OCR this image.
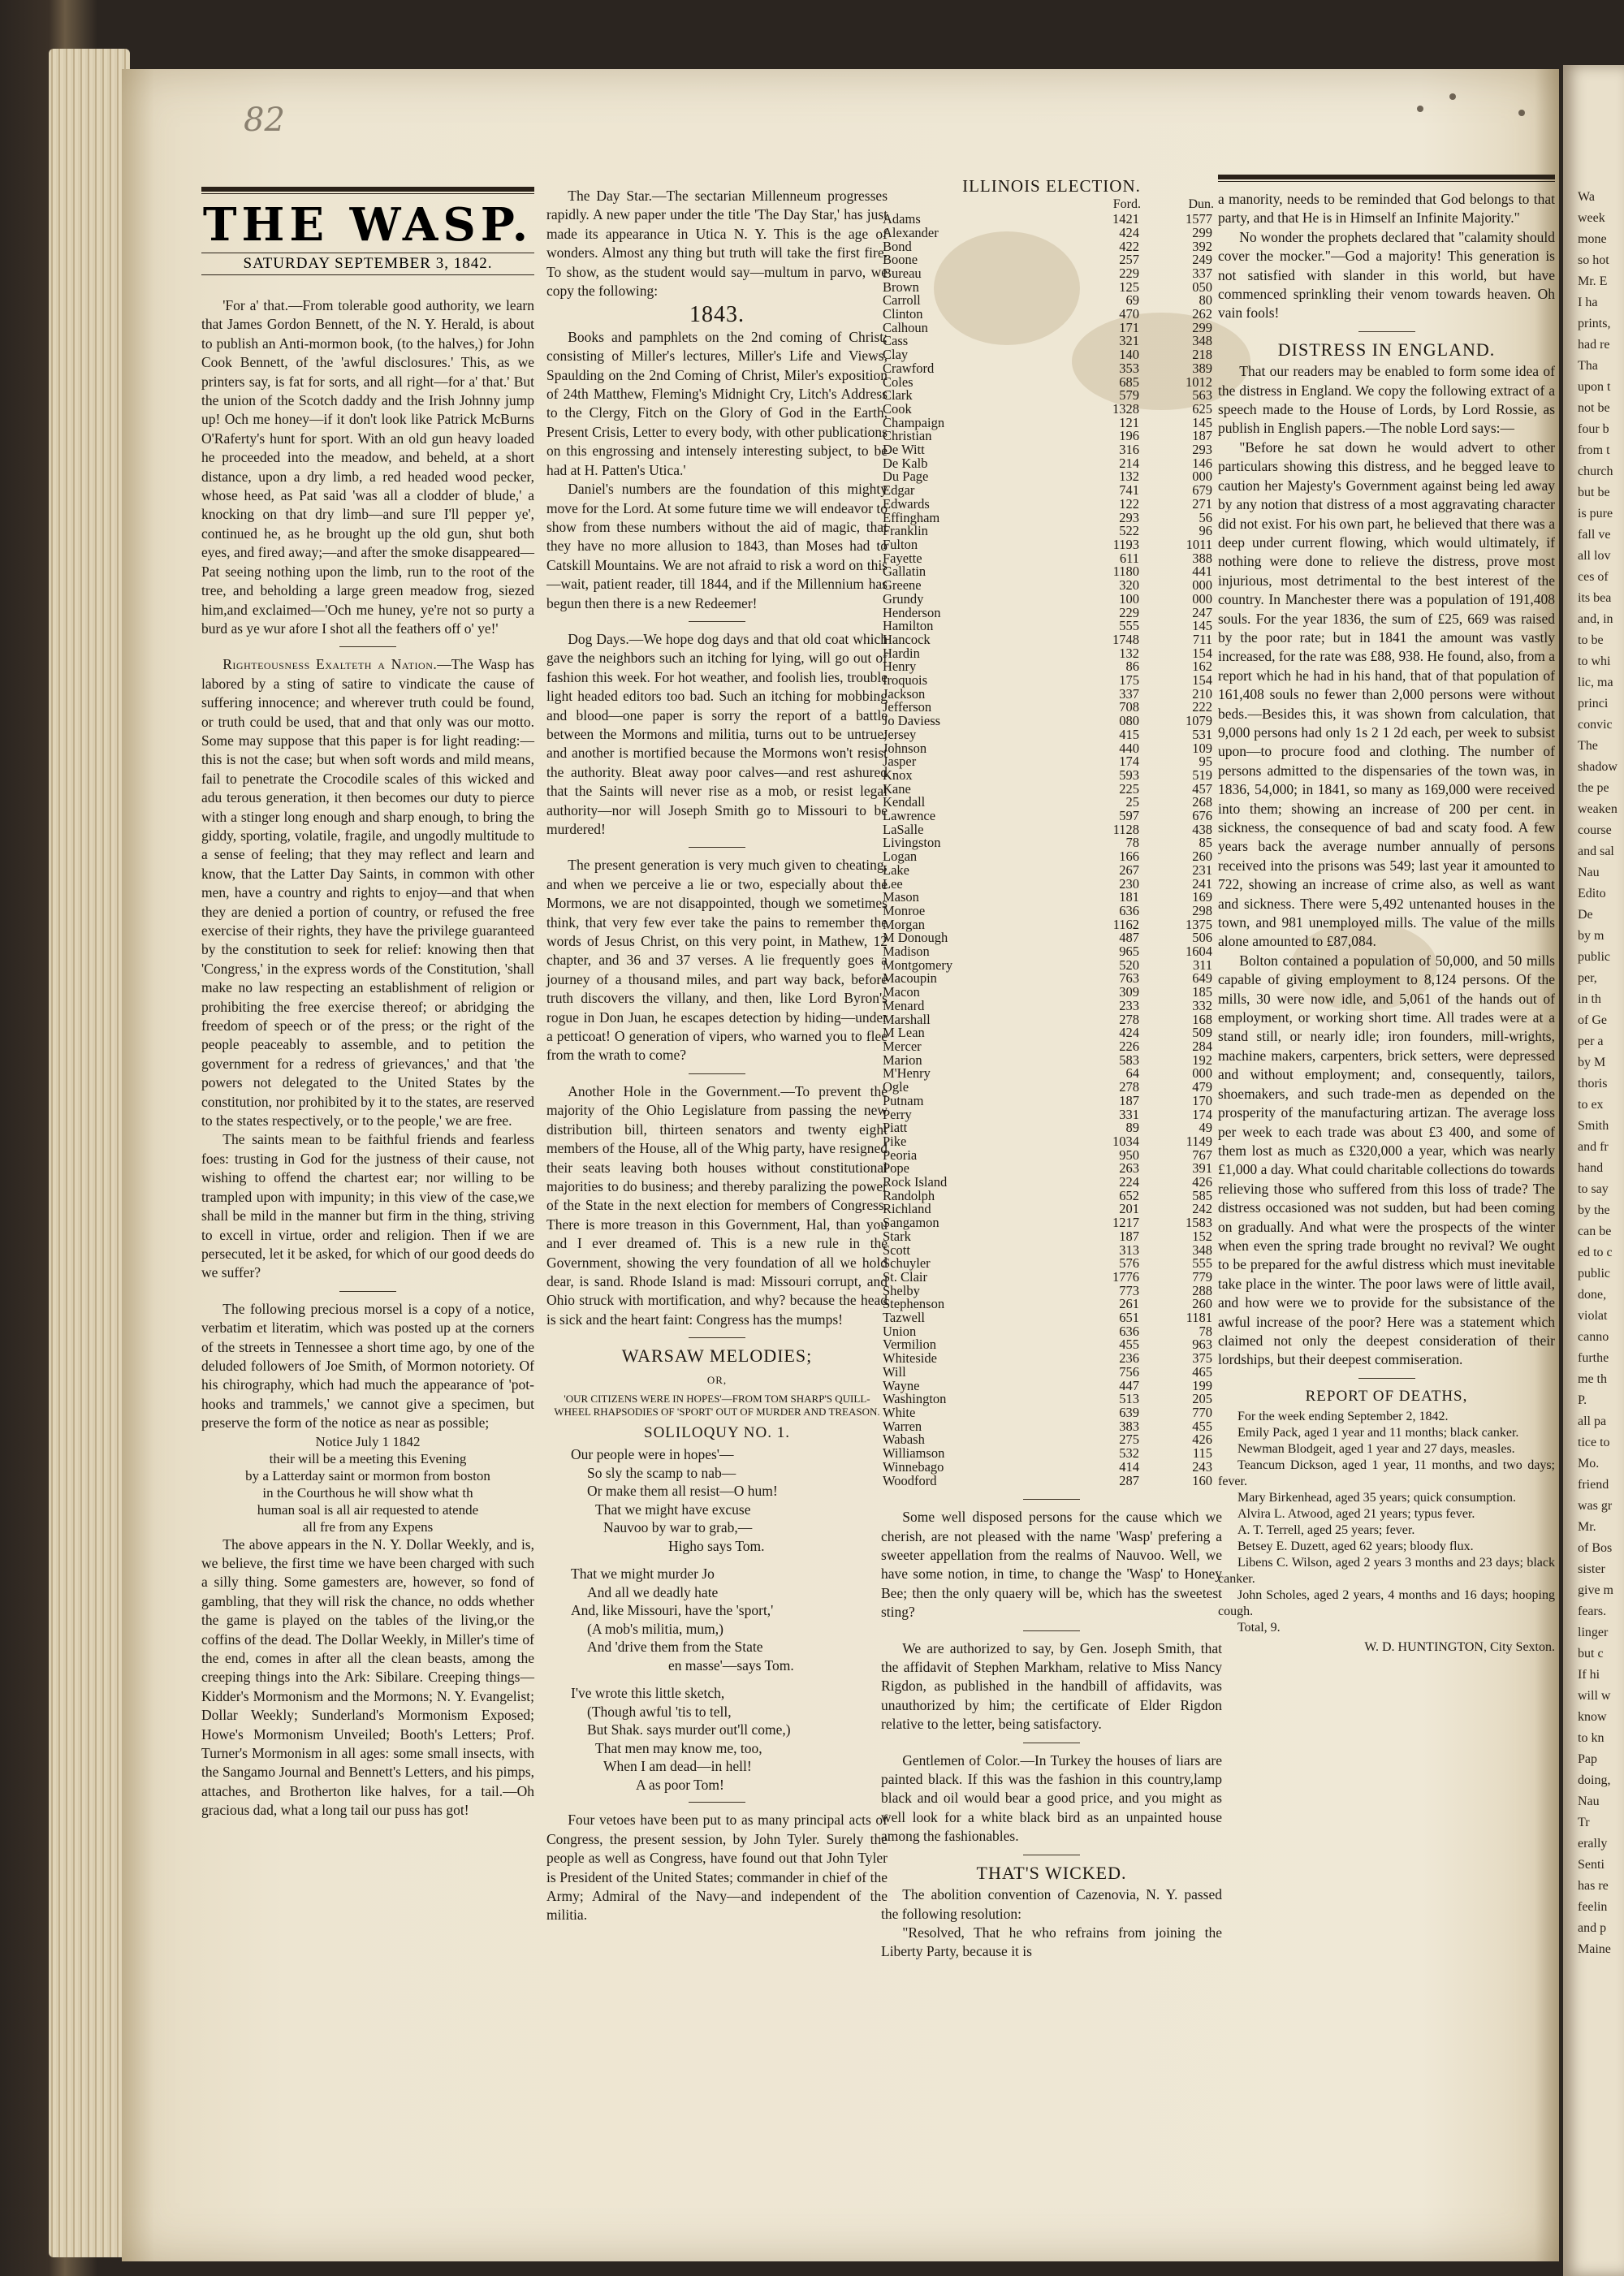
Wa
week
mone
so hot
Mr. E
I ha
prints,
had re
Tha
upon t
not be
four b
from t
church
but be
is pure
fall ve
all lov
ces of
its bea
and, in
to be
to whi
lic, ma
princi
convic
The
shadow
the pe
weaken
course
and sal
Nau
Edito
De
by m
public
per,
in th
of Ge
per a
by M
thoris
to ex
Smith
and fr
hand
to say
by the
can be
ed to c
public
done,
violat
canno
furthe
me th
P.
all pa
tice to
Mo.
friend
was gr
Mr.
of Bos
sister
give m
fears.
linger
but c
If hi
will w
know
to kn
Pap
doing,
Nau
Tr
erally
Senti
has re
feelin
and p
Maine
82
THE WASP.
SATURDAY SEPTEMBER 3, 1842.

'For a' that.—From tolerable good authority, we learn that James Gordon Bennett, of the N. Y. Herald, is about to publish an Anti-mormon book, (to the halves,) for John Cook Bennett, of the 'awful disclosures.' This, as we printers say, is fat for sorts, and all right—for a' that.' But the union of the Scotch daddy and the Irish Johnny jump up! Och me honey—if it don't look like Patrick McBurns O'Raferty's hunt for sport. With an old gun heavy loaded he proceeded into the meadow, and beheld, at a short distance, upon a dry limb, a red headed wood pecker, whose heed, as Pat said 'was all a clodder of blude,' a knocking on that dry limb—and sure I'll pepper ye', continued he, as he brought up the old gun, shut both eyes, and fired away;—and after the smoke disappeared—Pat seeing nothing upon the limb, run to the root of the tree, and beholding a large green meadow frog, siezed him,and exclaimed—'Och me huney, ye're not so purty a burd as ye wur afore I shot all the feathers off o' ye!'

Righteousness Exalteth a Nation.—The Wasp has labored by a sting of satire to vindicate the cause of suffering innocence; and wherever truth could be found, or truth could be used, that and that only was our motto. Some may suppose that this paper is for light reading:—this is not the case; but when soft words and mild means, fail to penetrate the Crocodile scales of this wicked and adu terous generation, it then becomes our duty to pierce with a stinger long enough and sharp enough, to bring the giddy, sporting, volatile, fragile, and ungodly multitude to a sense of feeling; that they may reflect and learn and know, that the Latter Day Saints, in common with other men, have a country and rights to enjoy—and that when they are denied a portion of country, or refused the free exercise of their rights, they have the privilege guaranteed by the constitution to seek for relief: knowing then that 'Congress,' in the express words of the Constitution, 'shall make no law respecting an establishment of religion or prohibiting the free exercise thereof; or abridging the freedom of speech or of the press; or the right of the people peaceably to assemble, and to petition the government for a redress of grievances,' and that 'the powers not delegated to the United States by the constitution, nor prohibited by it to the states, are reserved to the states respectively, or to the people,' we are free.

The saints mean to be faithful friends and fearless foes: trusting in God for the justness of their cause, not wishing to offend the chartest ear; nor willing to be trampled upon with impunity; in this view of the case,we shall be mild in the manner but firm in the thing, striving to excell in virtue, order and religion. Then if we are persecuted, let it be asked, for which of our good deeds do we suffer?

The following precious morsel is a copy of a notice, verbatim et literatim, which was posted up at the corners of the streets in Tennessee a short time ago, by one of the deluded followers of Joe Smith, of Mormon notoriety. Of his chirography, which had much the appearance of 'pot-hooks and trammels,' we cannot give a specimen, but preserve the form of the notice as near as possible;

Notice July 1 1842
their will be a meeting this Evening
by a Latterday saint or mormon from boston
in the Courthous he will show what th
human soal is all air requested to atende
all fre from any Expens

The above appears in the N. Y. Dollar Weekly, and is, we believe, the first time we have been charged with such a silly thing. Some gamesters are, however, so fond of gambling, that they will risk the chance, no odds whether the game is played on the tables of the living,or the coffins of the dead. The Dollar Weekly, in Miller's time of the end, comes in after all the clean beasts, among the creeping things into the Ark: Sibilare. Creeping things—Kidder's Mormonism and the Mormons; N. Y. Evangelist; Dollar Weekly; Sunderland's Mormonism Exposed; Howe's Mormonism Unveiled; Booth's Letters; Prof. Turner's Mormonism in all ages: some small insects, with the Sangamo Journal and Bennett's Letters, and his pimps, attaches, and Brotherton like halves, for a tail.—Oh gracious dad, what a long tail our puss has got!

The Day Star.—The sectarian Millenneum progresses rapidly. A new paper under the title 'The Day Star,' has just made its appearance in Utica N. Y. This is the age of wonders. Almost any thing but truth will take the first fire. To show, as the student would say—multum in parvo, we copy the following:

1843.

Books and pamphlets on the 2nd coming of Christ; consisting of Miller's lectures, Miller's Life and Views, Spaulding on the 2nd Coming of Christ, Miler's exposition of 24th Matthew, Fleming's Midnight Cry, Litch's Address to the Clergy, Fitch on the Glory of God in the Earth, Present Crisis, Letter to every body, with other publications on this engrossing and intensely interesting subject, to be had at H. Patten's Utica.'

Daniel's numbers are the foundation of this mighty move for the Lord. At some future time we will endeavor to show from these numbers without the aid of magic, that they have no more allusion to 1843, than Moses had to Catskill Mountains. We are not afraid to risk a word on this—wait, patient reader, till 1844, and if the Millennium has begun then there is a new Redeemer!

Dog Days.—We hope dog days and that old coat which gave the neighbors such an itching for lying, will go out of fashion this week. For hot weather, and foolish lies, trouble light headed editors too bad. Such an itching for mobbing and blood—one paper is sorry the report of a battle between the Mormons and militia, turns out to be untrue; and another is mortified because the Mormons won't resist the authority. Bleat away poor calves—and rest ashured that the Saints will never rise as a mob, or resist legal authority—nor will Joseph Smith go to Missouri to be murdered!

The present generation is very much given to cheating, and when we perceive a lie or two, especially about the Mormons, we are not disappointed, though we sometimes think, that very few ever take the pains to remember the words of Jesus Christ, on this very point, in Mathew, 12 chapter, and 36 and 37 verses. A lie frequently goes a journey of a thousand miles, and part way back, before truth discovers the villany, and then, like Lord Byron's rogue in Don Juan, he escapes detection by hiding—under a petticoat! O generation of vipers, who warned you to flee from the wrath to come?

Another Hole in the Government.—To prevent the majority of the Ohio Legislature from passing the new distribution bill, thirteen senators and twenty eight members of the House, all of the Whig party, have resigned their seats leaving both houses without constitutional majorities to do business; and thereby paralizing the power of the State in the next election for members of Congress. There is more treason in this Government, Hal, than you and I ever dreamed of. This is a new rule in the Government, showing the very foundation of all we hold dear, is sand. Rhode Island is mad: Missouri corrupt, and Ohio struck with mortification, and why? because the head is sick and the heart faint: Congress has the mumps!

WARSAW MELODIES;
OR,
'OUR CITIZENS WERE IN HOPES'—FROM TOM SHARP'S QUILL-WHEEL RHAPSODIES OF 'SPORT' OUT OF MURDER AND TREASON.
SOLILOQUY NO. 1.
Our people were in hopes'—
So sly the scamp to nab—
Or make them all resist—O hum!
That we might have excuse
Nauvoo by war to grab,—
Higho says Tom.
That we might murder Jo
And all we deadly hate
And, like Missouri, have the 'sport,'
(A mob's militia, mum,)
And 'drive them from the State
en masse'—says Tom.
I've wrote this little sketch,
(Though awful 'tis to tell,
But Shak. says murder out'll come,)
That men may know me, too,
When I am dead—in hell!
A as poor Tom!

Four vetoes have been put to as many principal acts of Congress, the present session, by John Tyler. Surely the people as well as Congress, have found out that John Tyler is President of the United States; commander in chief of the Army; Admiral of the Navy—and independent of the militia.

ILLINOIS ELECTION.
	Ford.	Dun.
Adams	1421	1577
Alexander	424	299
Bond	422	392
Boone	257	249
Bureau	229	337
Brown	125	050
Carroll	69	80
Clinton	470	262
Calhoun	171	299
Cass	321	348
Clay	140	218
Crawford	353	389
Coles	685	1012
Clark	579	563
Cook	1328	625
Champaign	121	145
Christian	196	187
De Witt	316	293
De Kalb	214	146
Du Page	132	000
Edgar	741	679
Edwards	122	271
Effingham	293	56
Franklin	522	96
Fulton	1193	1011
Fayette	611	388
Gallatin	1180	441
Greene	320	000
Grundy	100	000
Henderson	229	247
Hamilton	555	145
Hancock	1748	711
Hardin	132	154
Henry	86	162
Iroquois	175	154
Jackson	337	210
Jefferson	708	222
Jo Daviess	080	1079
Jersey	415	531
Johnson	440	109
Jasper	174	95
Knox	593	519
Kane	225	457
Kendall	25	268
Lawrence	597	676
LaSalle	1128	438
Livingston	78	85
Logan	166	260
Lake	267	231
Lee	230	241
Mason	181	169
Monroe	636	298
Morgan	1162	1375
M Donough	487	506
Madison	965	1604
Montgomery	520	311
Macoupin	763	649
Macon	309	185
Menard	233	332
Marshall	278	168
M Lean	424	509
Mercer	226	284
Marion	583	192
M'Henry	64	000
Ogle	278	479
Putnam	187	170
Perry	331	174
Piatt	89	49
Pike	1034	1149
Peoria	950	767
Pope	263	391
Rock Island	224	426
Randolph	652	585
Richland	201	242
Sangamon	1217	1583
Stark	187	152
Scott	313	348
Schuyler	576	555
St. Clair	1776	779
Shelby	773	288
Stephenson	261	260
Tazwell	651	1181
Union	636	78
Vermilion	455	963
Whiteside	236	375
Will	756	465
Wayne	447	199
Washington	513	205
White	639	770
Warren	383	455
Wabash	275	426
Williamson	532	115
Winnebago	414	243
Woodford	287	160

Some well disposed persons for the cause which we cherish, are not pleased with the name 'Wasp' prefering a sweeter appellation from the realms of Nauvoo. Well, we have some notion, in time, to change the 'Wasp' to Honey Bee; then the only quaery will be, which has the sweetest sting?

We are authorized to say, by Gen. Joseph Smith, that the affidavit of Stephen Markham, relative to Miss Nancy Rigdon, as published in the handbill of affidavits, was unauthorized by him; the certificate of Elder Rigdon relative to the letter, being satisfactory.

Gentlemen of Color.—In Turkey the houses of liars are painted black. If this was the fashion in this country,lamp black and oil would bear a good price, and you might as well look for a white black bird as an unpainted house among the fashionables.

THAT'S WICKED.

The abolition convention of Cazenovia, N. Y. passed the following resolution:

"Resolved, That he who refrains from joining the Liberty Party, because it is

a manority, needs to be reminded that God belongs to that party, and that He is in Himself an Infinite Majority."

No wonder the prophets declared that "calamity should cover the mocker."—God a majority! This generation is not satisfied with slander in this world, but have commenced sprinkling their venom towards heaven. Oh vain fools!

DISTRESS IN ENGLAND.

That our readers may be enabled to form some idea of the distress in England. We copy the following extract of a speech made to the House of Lords, by Lord Rossie, as publish in English papers.—The noble Lord says:—

"Before he sat down he would advert to other particulars showing this distress, and he begged leave to caution her Majesty's Government against being led away by any notion that distress of a most aggravating character did not exist. For his own part, he believed that there was a deep under current flowing, which would ultimately, if nothing were done to relieve the distress, prove most injurious, most detrimental to the best interest of the country. In Manchester there was a population of 191,408 souls. For the year 1836, the sum of £25, 669 was raised by the poor rate; but in 1841 the amount was vastly increased, for the rate was £88, 938. He found, also, from a report which he had in his hand, that of that population of 161,408 souls no fewer than 2,000 persons were without beds.—Besides this, it was shown from calculation, that 9,000 persons had only 1s 2 1 2d each, per week to subsist upon—to procure food and clothing. The number of persons admitted to the dispensaries of the town was, in 1836, 54,000; in 1841, so many as 169,000 were received into them; showing an increase of 200 per cent. in sickness, the consequence of bad and scaty food. A few years back the average number annually of persons received into the prisons was 549; last year it amounted to 722, showing an increase of crime also, as well as want and sickness. There were 5,492 untenanted houses in the town, and 981 unemployed mills. The value of the mills alone amounted to £87,084.

Bolton contained a population of 50,000, and 50 mills capable of giving employment to 8,124 persons. Of the mills, 30 were now idle, and 5,061 of the hands out of employment, or working short time. All trades were at a stand still, or nearly idle; iron founders, mill-wrights, machine makers, carpenters, brick setters, were depressed and without employment; and, consequently, tailors, shoemakers, and such trade-men as depended on the prosperity of the manufacturing artizan. The average loss per week to each trade was about £3 400, and some of them lost as much as £320,000 a year, which was nearly £1,000 a day. What could charitable collections do towards relieving those who suffered from this loss of trade? The distress occasioned was not sudden, but had been coming on gradually. And what were the prospects of the winter when even the spring trade brought no revival? We ought to be prepared for the awful distress which must inevitable take place in the winter. The poor laws were of little avail, and how were we to provide for the subsistance of the awful increase of the poor? Here was a statement which claimed not only the deepest consideration of their lordships, but their deepest commiseration.

REPORT OF DEATHS,
For the week ending September 2, 1842.
Emily Pack, aged 1 year and 11 months; black canker.
Newman Blodgeit, aged 1 year and 27 days, measles.
Teancum Dickson, aged 1 year, 11 months, and two days; fever.
Mary Birkenhead, aged 35 years; quick consumption.
Alvira L. Atwood, aged 21 years; typus fever.
A. T. Terrell, aged 25 years; fever.
Betsey E. Duzett, aged 62 years; bloody flux.
Libens C. Wilson, aged 2 years 3 months and 23 days; black canker.
John Scholes, aged 2 years, 4 months and 16 days; hooping cough.
Total, 9.
W. D. HUNTINGTON, City Sexton.
